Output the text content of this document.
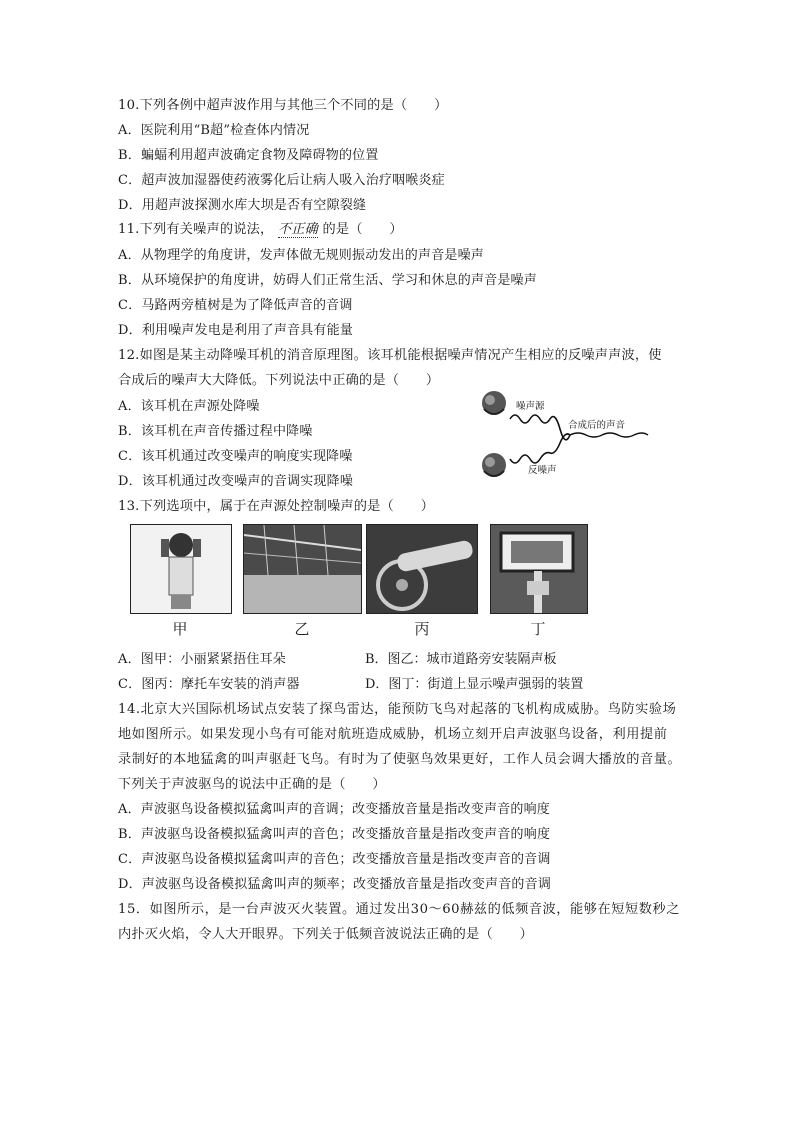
10.下列各例中超声波作用与其他三个不同的是（　　）
A．医院利用“B超”检查体内情况
B．蝙蝠利用超声波确定食物及障碍物的位置
C．超声波加湿器使药液雾化后让病人吸入治疗咽喉炎症
D．用超声波探测水库大坝是否有空隙裂缝
11.下列有关噪声的说法， 不正确 的是（　　）
A．从物理学的角度讲，发声体做无规则振动发出的声音是噪声
B．从环境保护的角度讲，妨碍人们正常生活、学习和休息的声音是噪声
C．马路两旁植树是为了降低声音的音调
D．利用噪声发电是利用了声音具有能量
12.如图是某主动降噪耳机的消音原理图。该耳机能根据噪声情况产生相应的反噪声声波，使
合成后的噪声大大降低。下列说法中正确的是（　　）
A．该耳机在声源处降噪
B．该耳机在声音传播过程中降噪
C．该耳机通过改变噪声的响度实现降噪
D．该耳机通过改变噪声的音调实现降噪
噪声源
合成后的声音
反噪声
13.下列选项中，属于在声源处控制噪声的是（　　）
甲	乙	丙	丁
A．图甲：小丽紧紧捂住耳朵	B．图乙：城市道路旁安装隔声板
C．图丙：摩托车安装的消声器	D．图丁：街道上显示噪声强弱的装置
14.北京大兴国际机场试点安装了探鸟雷达，能预防飞鸟对起落的飞机构成威胁。鸟防实验场
地如图所示。如果发现小鸟有可能对航班造成威胁，机场立刻开启声波驱鸟设备，利用提前
录制好的本地猛禽的叫声驱赶飞鸟。有时为了使驱鸟效果更好，工作人员会调大播放的音量。
下列关于声波驱鸟的说法中正确的是（　　）
A．声波驱鸟设备模拟猛禽叫声的音调；改变播放音量是指改变声音的响度
B．声波驱鸟设备模拟猛禽叫声的音色；改变播放音量是指改变声音的响度
C．声波驱鸟设备模拟猛禽叫声的音色；改变播放音量是指改变声音的音调
D．声波驱鸟设备模拟猛禽叫声的频率；改变播放音量是指改变声音的音调
15．如图所示，是一台声波灭火装置。通过发出30～60赫兹的低频音波，能够在短短数秒之
内扑灭火焰，令人大开眼界。下列关于低频音波说法正确的是（　　）
